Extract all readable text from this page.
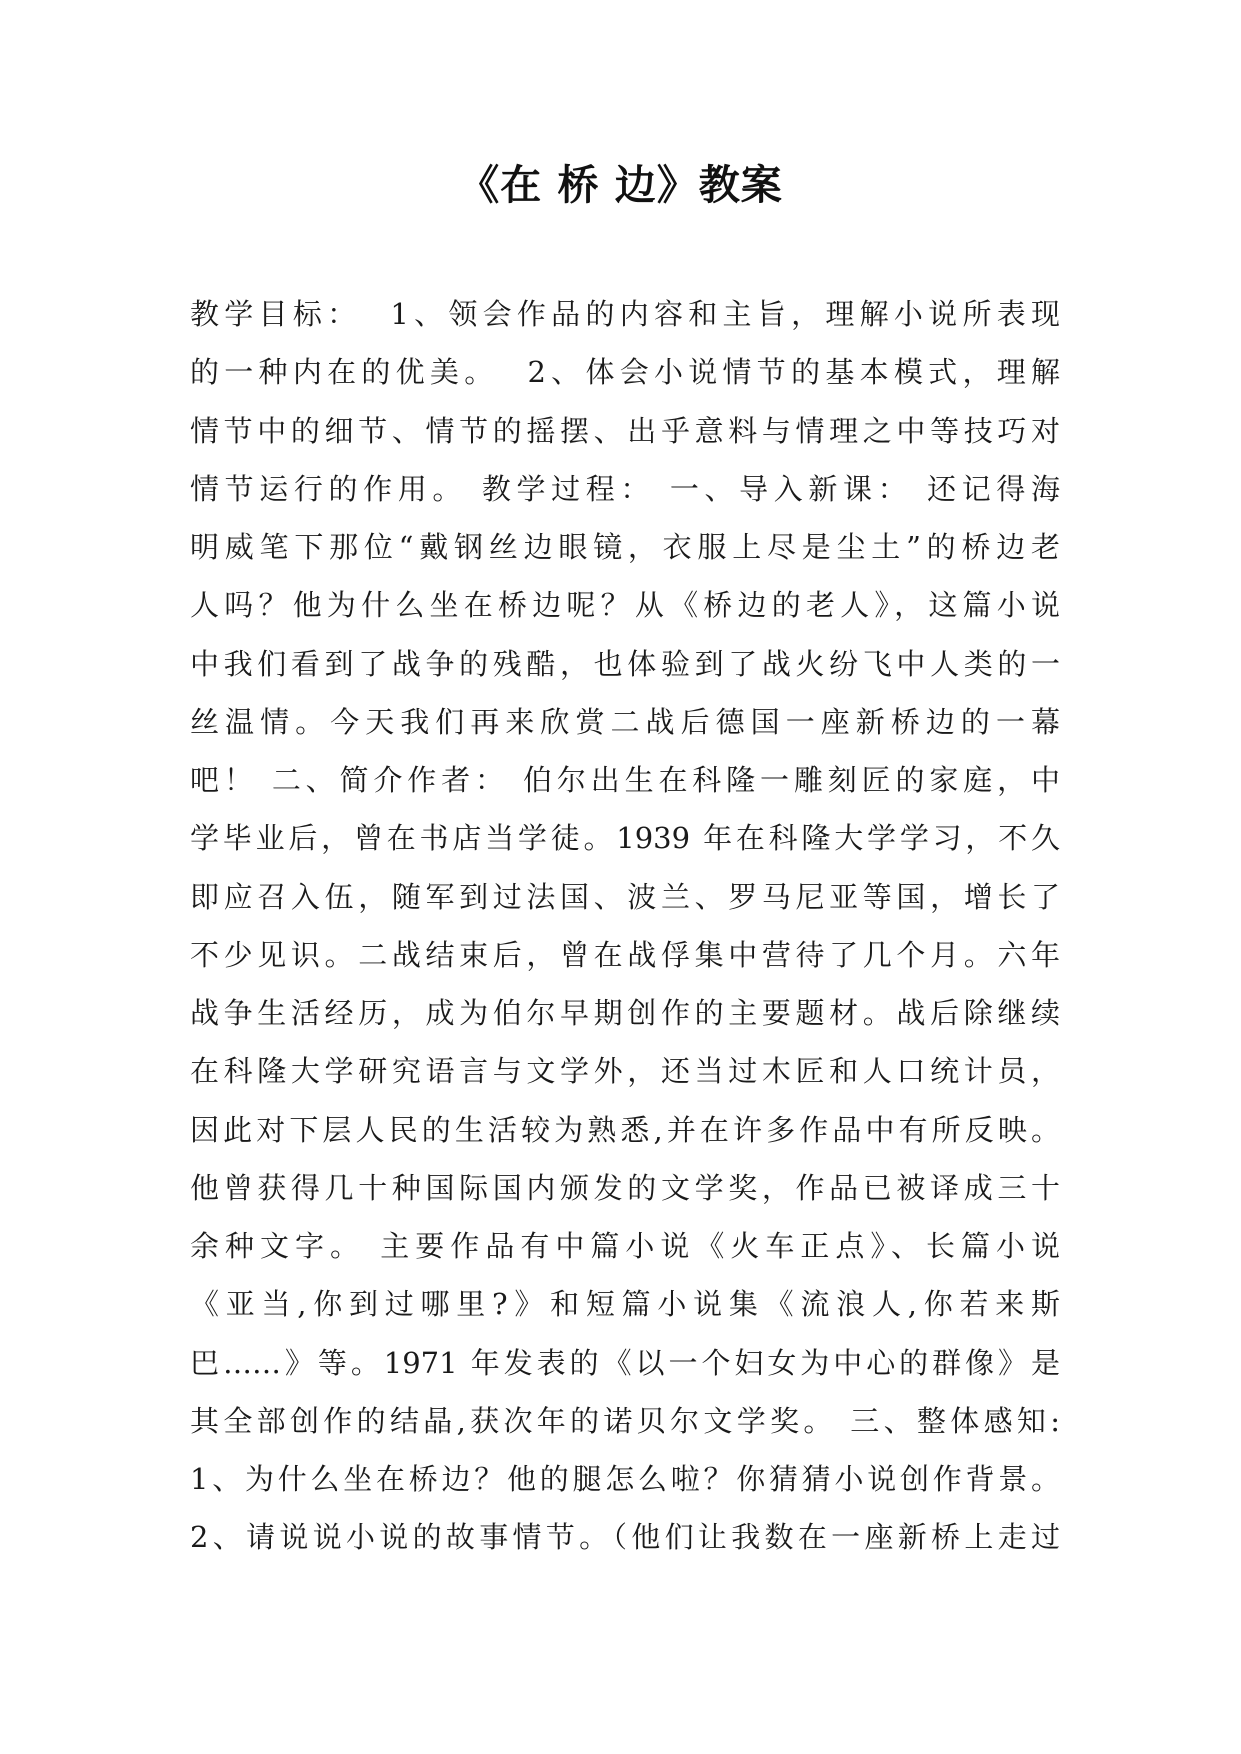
《在 桥 边》教案
教学目标：  1、领会作品的内容和主旨，理解小说所表现
的一种内在的优美。  2、体会小说情节的基本模式，理解
情节中的细节、情节的摇摆、出乎意料与情理之中等技巧对
情节运行的作用。 教学过程： 一、导入新课： 还记得海
明威笔下那位“戴钢丝边眼镜，衣服上尽是尘土”的桥边老
人吗？他为什么坐在桥边呢？从《桥边的老人》，这篇小说
中我们看到了战争的残酷，也体验到了战火纷飞中人类的一
丝温情。今天我们再来欣赏二战后德国一座新桥边的一幕
吧！ 二、简介作者： 伯尔出生在科隆一雕刻匠的家庭，中
学毕业后，曾在书店当学徒。1939 年在科隆大学学习，不久
即应召入伍，随军到过法国、波兰、罗马尼亚等国，增长了
不少见识。二战结束后，曾在战俘集中营待了几个月。六年
战争生活经历，成为伯尔早期创作的主要题材。战后除继续
在科隆大学研究语言与文学外，还当过木匠和人口统计员，
因此对下层人民的生活较为熟悉,并在许多作品中有所反映。
他曾获得几十种国际国内颁发的文学奖，作品已被译成三十
余种文字。 主要作品有中篇小说《火车正点》、长篇小说
《亚当,你到过哪里?》和短篇小说集《流浪人,你若来斯
巴……》等。1971 年发表的《以一个妇女为中心的群像》是
其全部创作的结晶,获次年的诺贝尔文学奖。 三、整体感知:
1、为什么坐在桥边？他的腿怎么啦？你猜猜小说创作背景。
2、请说说小说的故事情节。（他们让我数在一座新桥上走过
